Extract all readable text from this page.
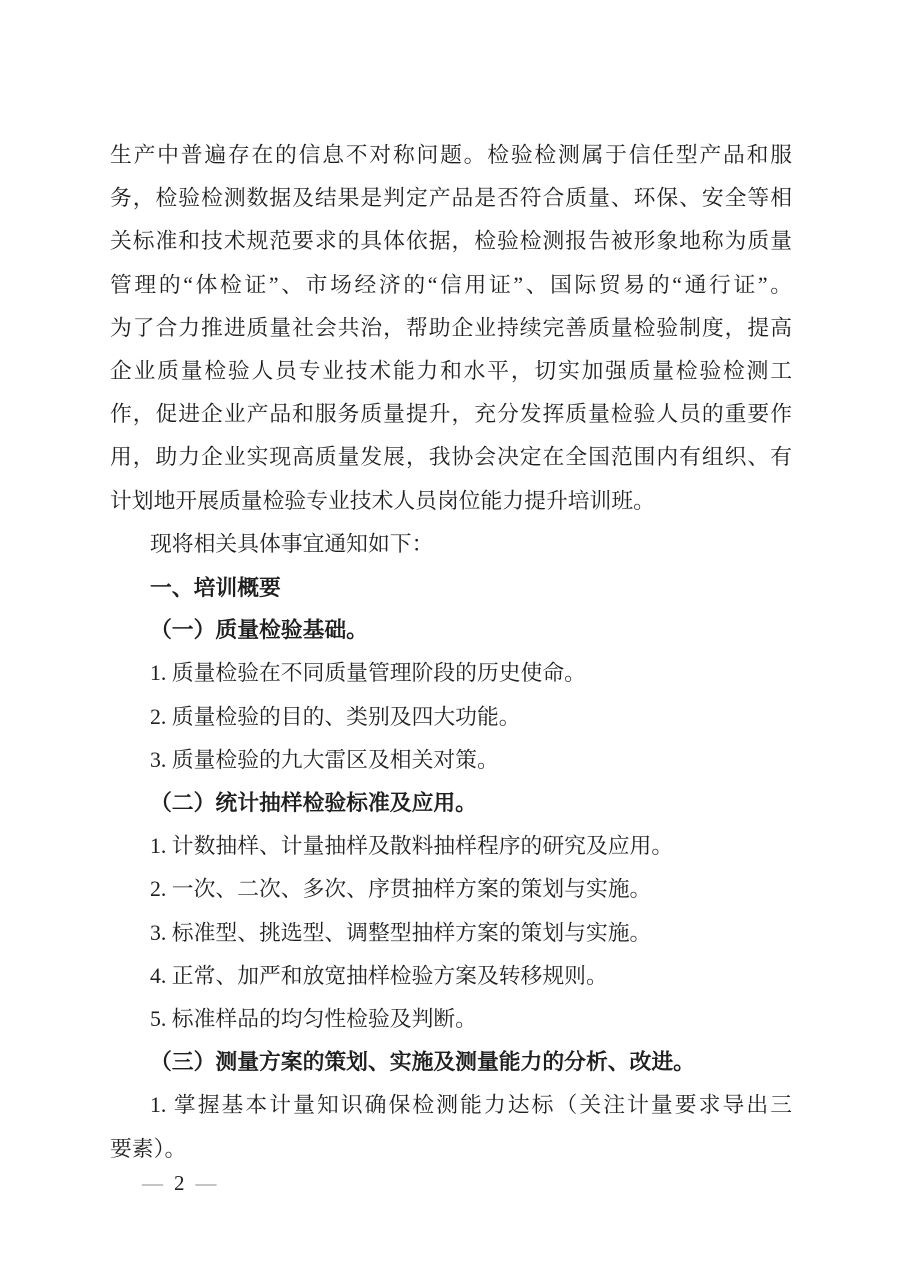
生产中普遍存在的信息不对称问题。检验检测属于信任型产品和服
务，检验检测数据及结果是判定产品是否符合质量、环保、安全等相
关标准和技术规范要求的具体依据，检验检测报告被形象地称为质量
管理的“体检证”、市场经济的“信用证”、国际贸易的“通行证”。
为了合力推进质量社会共治，帮助企业持续完善质量检验制度，提高
企业质量检验人员专业技术能力和水平，切实加强质量检验检测工
作，促进企业产品和服务质量提升，充分发挥质量检验人员的重要作
用，助力企业实现高质量发展，我协会决定在全国范围内有组织、有
计划地开展质量检验专业技术人员岗位能力提升培训班。
现将相关具体事宜通知如下：
一、培训概要
（一）质量检验基础。
1. 质量检验在不同质量管理阶段的历史使命。
2. 质量检验的目的、类别及四大功能。
3. 质量检验的九大雷区及相关对策。
（二）统计抽样检验标准及应用。
1. 计数抽样、计量抽样及散料抽样程序的研究及应用。
2. 一次、二次、多次、序贯抽样方案的策划与实施。
3. 标准型、挑选型、调整型抽样方案的策划与实施。
4. 正常、加严和放宽抽样检验方案及转移规则。
5. 标准样品的均匀性检验及判断。
（三）测量方案的策划、实施及测量能力的分析、改进。
1. 掌握基本计量知识确保检测能力达标（关注计量要求导出三
要素）。
— 2 —
